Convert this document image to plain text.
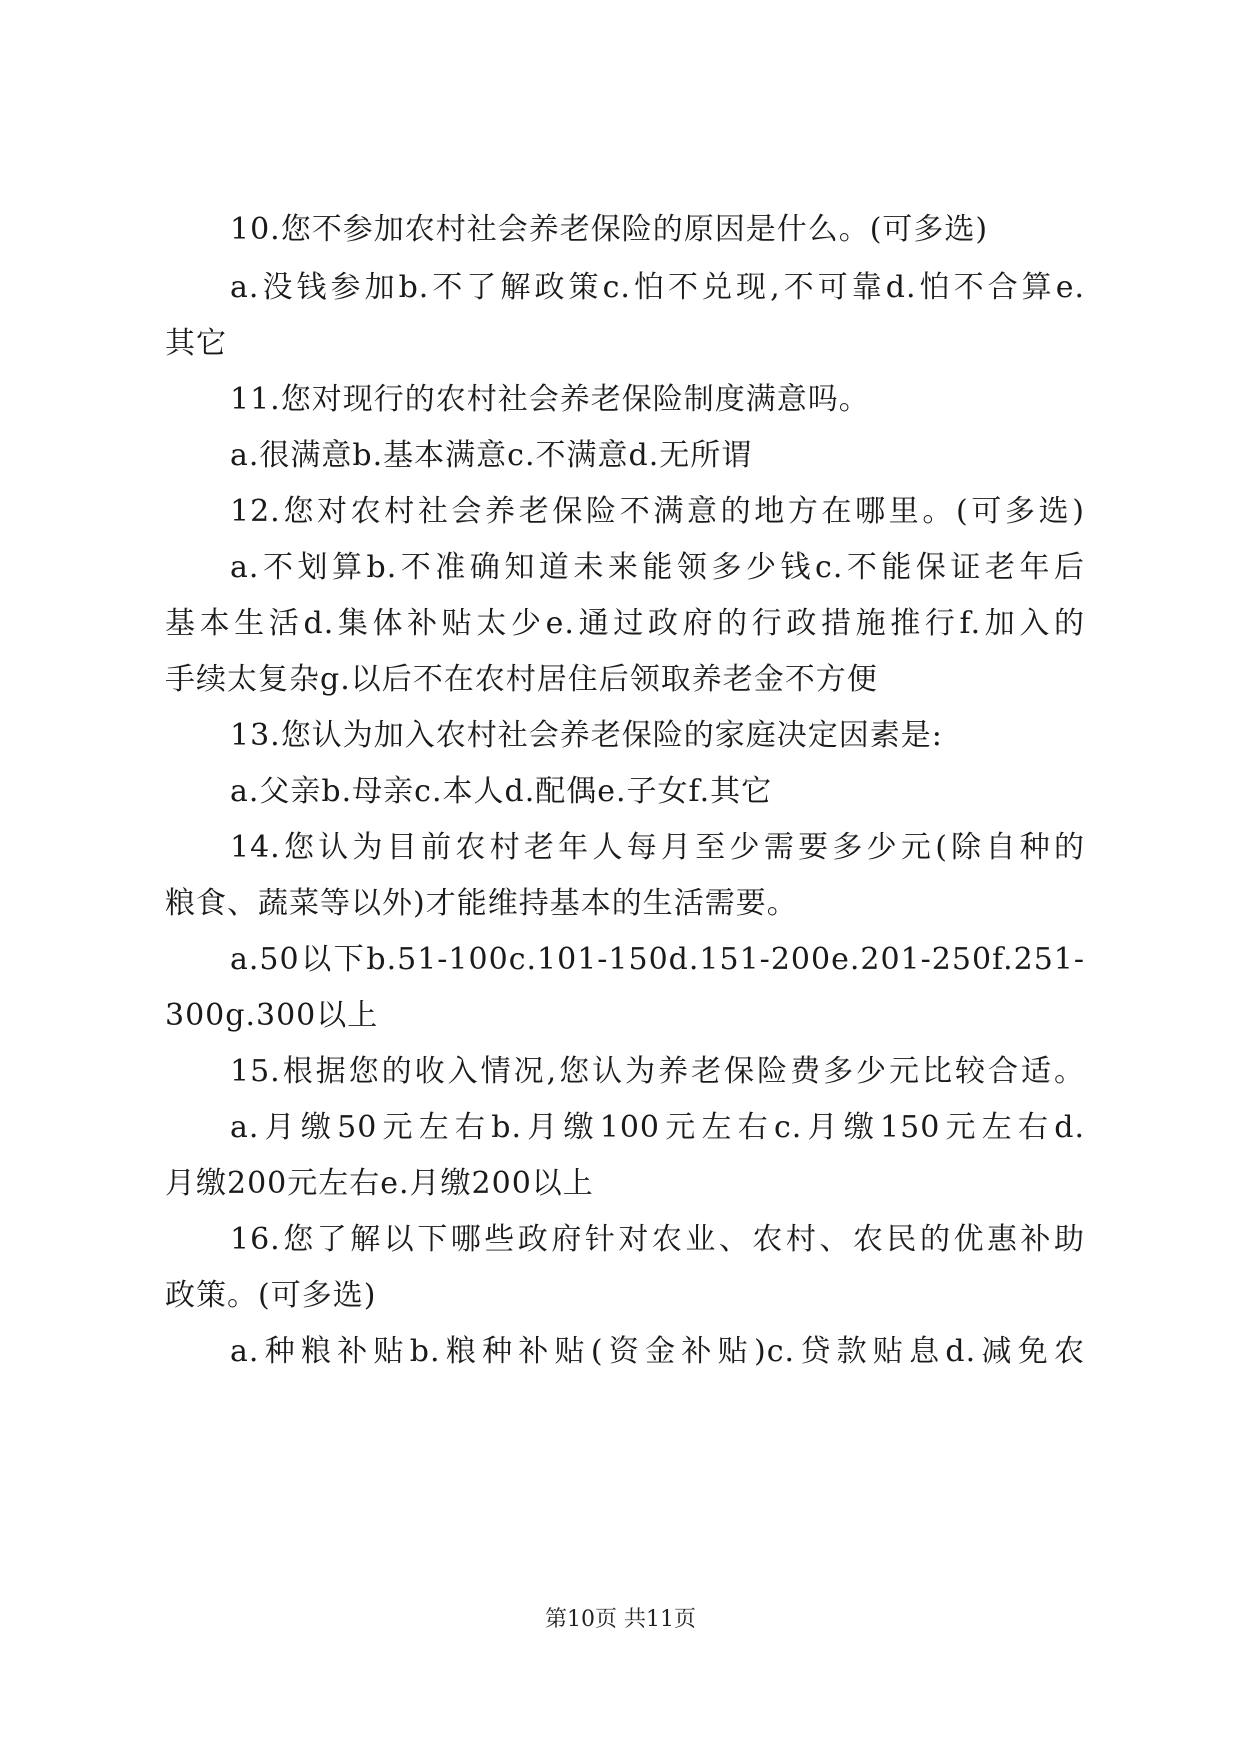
10.您不参加农村社会养老保险的原因是什么。(可多选)
a.没钱参加b.不了解政策c.怕不兑现,不可靠d.怕不合算e.
其它
11.您对现行的农村社会养老保险制度满意吗。
a.很满意b.基本满意c.不满意d.无所谓
12.您对农村社会养老保险不满意的地方在哪里。(可多选)
a.不划算b.不准确知道未来能领多少钱c.不能保证老年后
基本生活d.集体补贴太少e.通过政府的行政措施推行f.加入的
手续太复杂g.以后不在农村居住后领取养老金不方便
13.您认为加入农村社会养老保险的家庭决定因素是:
a.父亲b.母亲c.本人d.配偶e.子女f.其它
14.您认为目前农村老年人每月至少需要多少元(除自种的
粮食、蔬菜等以外)才能维持基本的生活需要。
a.50以下b.51-100c.101-150d.151-200e.201-250f.251-
300g.300以上
15.根据您的收入情况,您认为养老保险费多少元比较合适。
a.月缴50元左右b.月缴100元左右c.月缴150元左右d.
月缴200元左右e.月缴200以上
16.您了解以下哪些政府针对农业、农村、农民的优惠补助
政策。(可多选)
a.种粮补贴b.粮种补贴(资金补贴)c.贷款贴息d.减免农
第10页 共11页
